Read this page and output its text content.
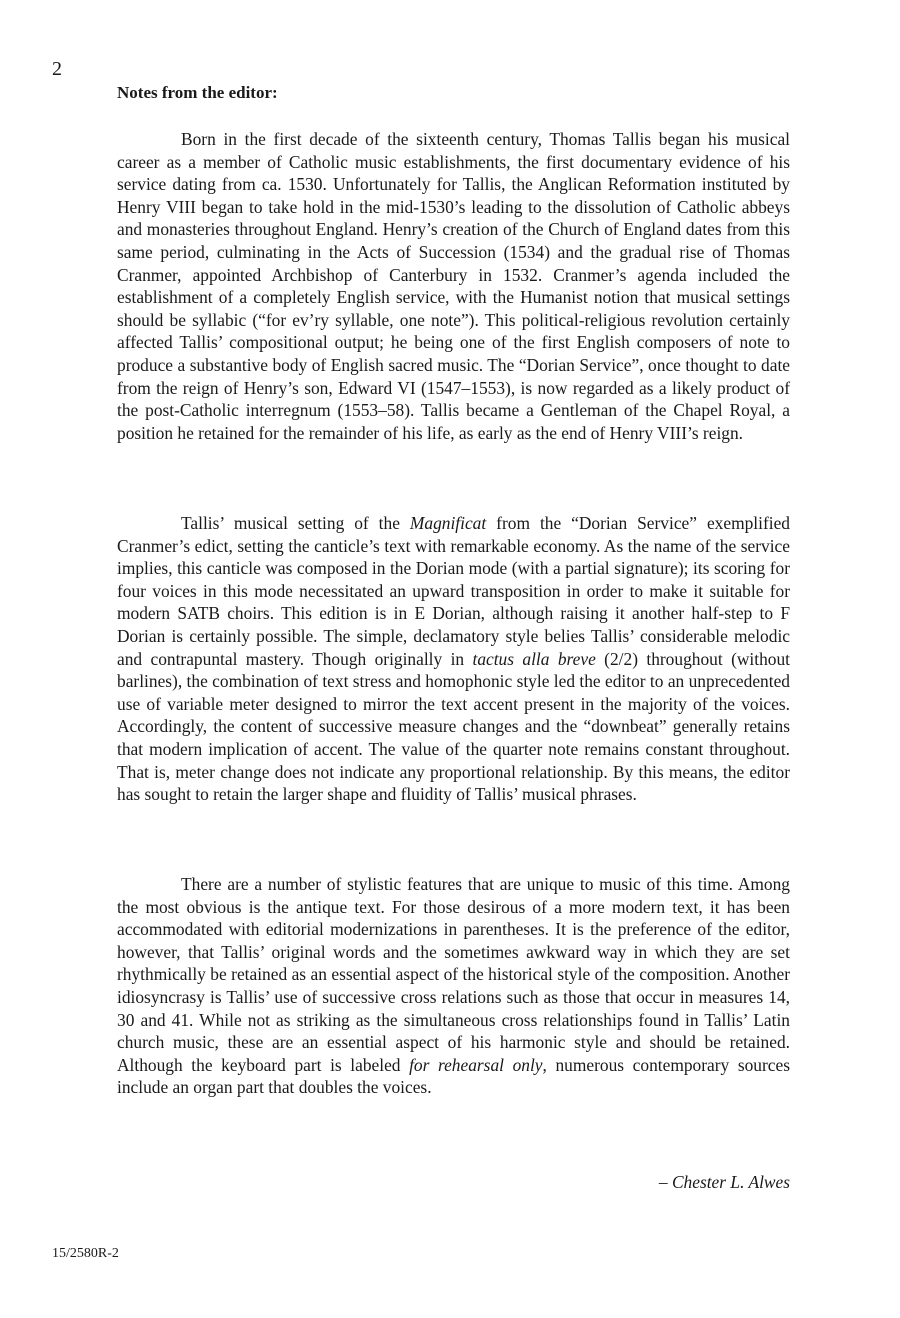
2
Notes from the editor:

Born in the first decade of the sixteenth century, Thomas Tallis began his musical career as a member of Catholic music establishments, the first documentary evidence of his service dating from ca. 1530. Unfortunately for Tallis, the Anglican Reformation instituted by Henry VIII began to take hold in the mid-1530’s leading to the dissolution of Catholic abbeys and monasteries throughout England. Henry’s creation of the Church of England dates from this same period, culminating in the Acts of Succession (1534) and the gradual rise of Thomas Cranmer, appointed Archbishop of Canterbury in 1532. Cranmer’s agenda included the establishment of a completely English service, with the Humanist notion that musical settings should be syllabic (“for ev’ry syllable, one note”). This political-religious revolution certainly affected Tallis’ compositional output; he being one of the first English composers of note to produce a substantive body of English sacred music. The “Dorian Service”, once thought to date from the reign of Henry’s son, Edward VI (1547–1553), is now regarded as a likely product of the post-Catholic interregnum (1553–58). Tallis became a Gentleman of the Chapel Royal, a position he retained for the remainder of his life, as early as the end of Henry VIII’s reign.

Tallis’ musical setting of the Magnificat from the “Dorian Service” exemplified Cranmer’s edict, setting the canticle’s text with remarkable economy. As the name of the service implies, this canticle was composed in the Dorian mode (with a partial signature); its scoring for four voices in this mode necessitated an upward transposition in order to make it suitable for modern SATB choirs. This edition is in E Dorian, although raising it another half-step to F Dorian is certainly possible. The simple, declamatory style belies Tallis’ considerable melodic and contrapuntal mastery. Though originally in tactus alla breve (2/2) throughout (without barlines), the combination of text stress and homophonic style led the editor to an unprecedented use of variable meter designed to mirror the text accent present in the majority of the voices. Accordingly, the content of successive measure changes and the “downbeat” generally retains that modern implication of accent. The value of the quarter note remains constant throughout. That is, meter change does not indicate any proportional relationship. By this means, the editor has sought to retain the larger shape and fluidity of Tallis’ musical phrases.

There are a number of stylistic features that are unique to music of this time. Among the most obvious is the antique text. For those desirous of a more modern text, it has been accommodated with editorial modernizations in parentheses. It is the preference of the editor, however, that Tallis’ original words and the sometimes awkward way in which they are set rhythmically be retained as an essential aspect of the historical style of the composition. Another idiosyncrasy is Tallis’ use of successive cross relations such as those that occur in measures 14, 30 and 41. While not as striking as the simultaneous cross relationships found in Tallis’ Latin church music, these are an essential aspect of his harmonic style and should be retained. Although the keyboard part is labeled for rehearsal only, numerous contemporary sources include an organ part that doubles the voices.

– Chester L. Alwes
15/2580R-2
